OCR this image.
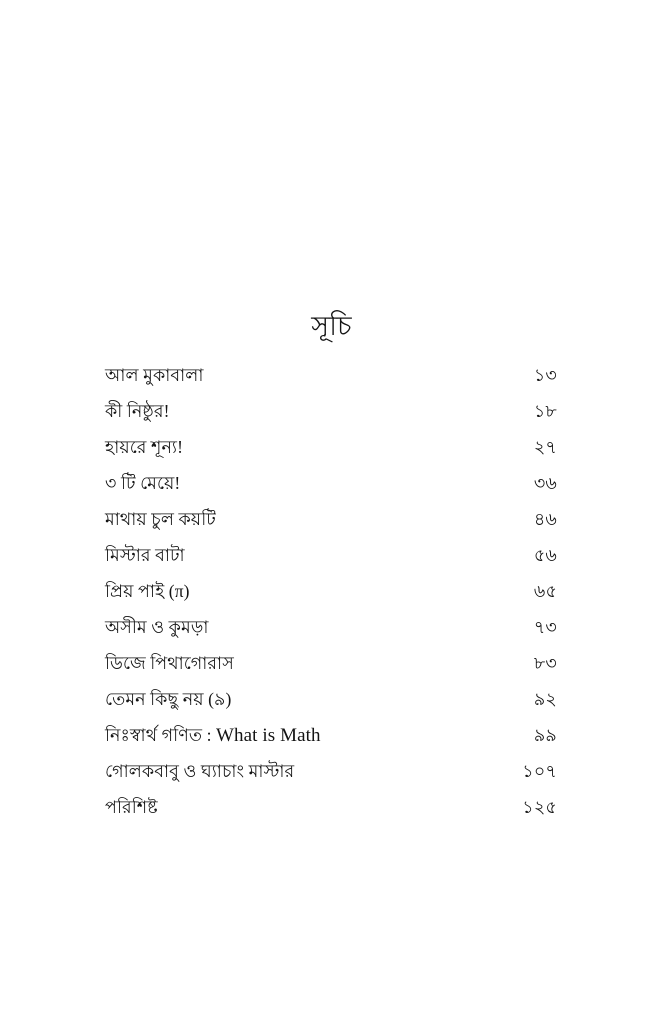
সূচি
আল মুকাবালা	১৩
কী নিষ্ঠুর!	১৮
হায়রে শূন্য!	২৭
৩ টি মেয়ে!	৩৬
মাথায় চুল কয়টি	৪৬
মিস্টার বাটা	৫৬
প্রিয় পাই (π)	৬৫
অসীম ও কুমড়া	৭৩
ডিজে পিথাগোরাস	৮৩
তেমন কিছু নয় (৯)	৯২
নিঃস্বার্থ গণিত : What is Math	৯৯
গোলকবাবু ও ঘ্যাচাং মাস্টার	১০৭
পরিশিষ্ট	১২৫
